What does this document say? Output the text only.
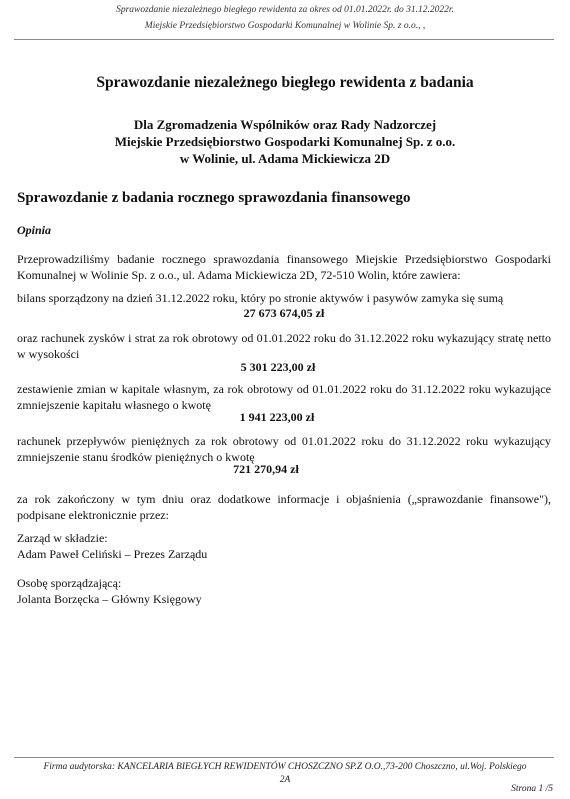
Sprawozdanie niezależnego biegłego rewidenta za okres od 01.01.2022r. do 31.12.2022r.
Miejskie Przedsiębiorstwo Gospodarki Komunalnej w Wolinie Sp. z o.o., ,
Sprawozdanie niezależnego biegłego rewidenta z badania
Dla Zgromadzenia Wspólników oraz Rady Nadzorczej
Miejskie Przedsiębiorstwo Gospodarki Komunalnej Sp. z o.o.
w Wolinie, ul. Adama Mickiewicza 2D
Sprawozdanie z badania rocznego sprawozdania finansowego
Opinia
Przeprowadziliśmy badanie rocznego sprawozdania finansowego Miejskie Przedsiębiorstwo Gospodarki Komunalnej w Wolinie Sp. z o.o., ul. Adama Mickiewicza 2D, 72-510 Wolin, które zawiera:
bilans sporządzony na dzień 31.12.2022 roku, który po stronie aktywów i pasywów zamyka się sumą
27 673 674,05 zł
oraz rachunek zysków i strat za rok obrotowy od 01.01.2022 roku do 31.12.2022 roku wykazujący stratę netto w wysokości
5 301 223,00 zł
zestawienie zmian w kapitale własnym, za rok obrotowy od 01.01.2022 roku do 31.12.2022 roku wykazujące zmniejszenie kapitału własnego o kwotę
1 941 223,00 zł
rachunek przepływów pieniężnych za rok obrotowy od 01.01.2022 roku do 31.12.2022 roku wykazujący zmniejszenie stanu środków pieniężnych o kwotę
721 270,94 zł
za rok zakończony w tym dniu oraz dodatkowe informacje i objaśnienia („sprawozdanie finansowe"), podpisane elektronicznie przez:
Zarząd w składzie:
Adam Paweł Celiński – Prezes Zarządu
Osobę sporządzającą:
Jolanta Borzęcka – Główny Księgowy
Firma audytorska: KANCELARIA BIEGŁYCH REWIDENTÓW CHOSZCZNO SP.Z O.O.,73-200 Choszczno, ul.Woj. Polskiego
2A
Strona 1 /5
